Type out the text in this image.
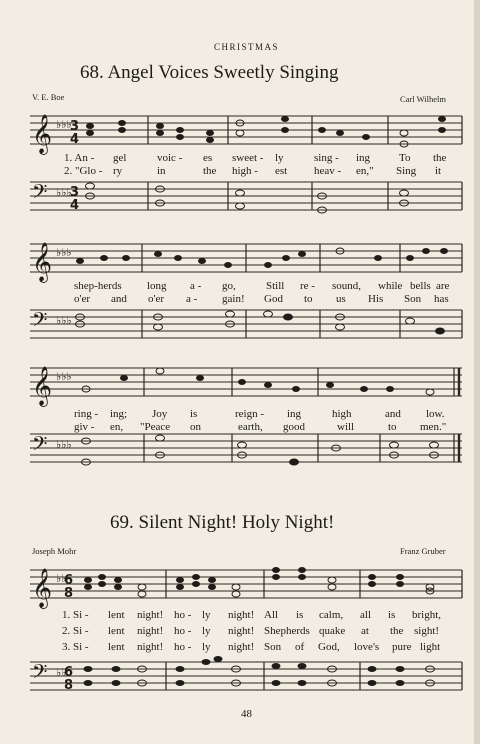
CHRISTMAS
68. Angel Voices Sweetly Singing
V. E. Boe	Carl Wilhelm
𝄞 ♭♭♭
3
4
𝄢 ♭♭♭
3
4
1. An - gel	voic - es sweet - ly	sing - ing	To the
2. "Glo - ry	in	the high - est heav - en," Sing it
𝄞 ♭♭♭
𝄢 ♭♭♭
shep-herds long a - go,	Still re - sound, while bells are
o'er and o'er a - gain! God to us His Son has
𝄞 ♭♭♭
𝄢 ♭♭♭
ring - ing; Joy is	reign - ing	high	and low.
giv - en, "Peace on	earth, good	will	to men."
69. Silent Night! Holy Night!
Joseph Mohr	Franz Gruber
𝄞 ♭♭
6
8
𝄢 ♭♭
6
8
1. Si - lent night! ho - ly night! All is calm, all is bright,
2. Si - lent night! ho - ly night! Shepherds quake at the sight!
3. Si - lent night! ho - ly night! Son of God, love's pure light
48
